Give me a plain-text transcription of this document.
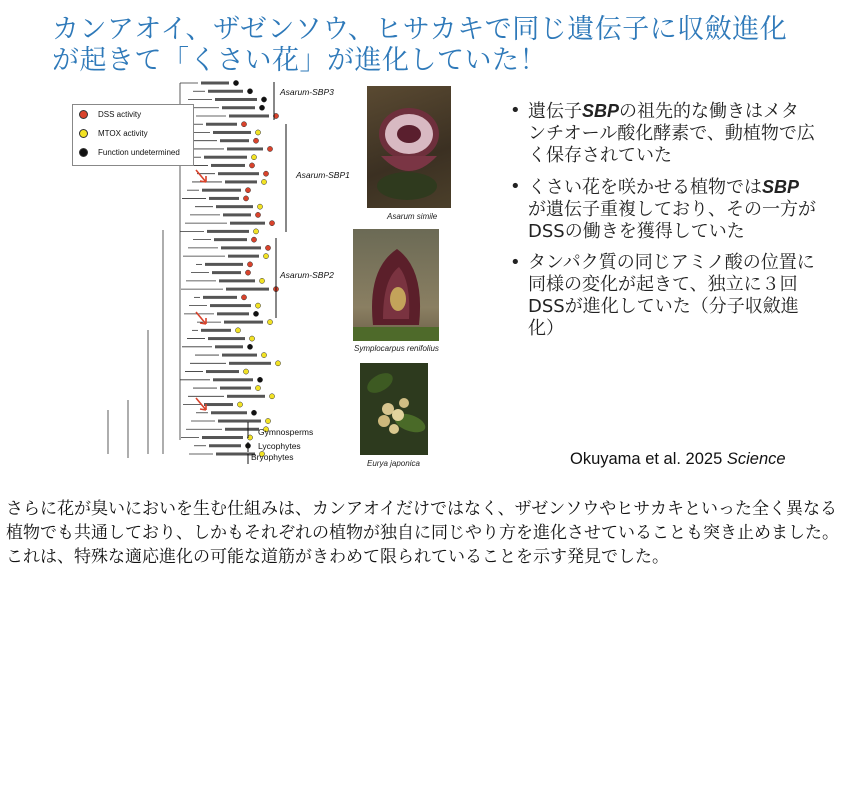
カンアオイ、ザゼンソウ、ヒサカキで同じ遺伝子に収斂進化が起きて「くさい花」が進化していた！
Asarum-SBP3
Asarum-SBP1
Asarum-SBP2
Gymnosperms
Lycophytes
Bryophytes
DSS activity
MTOX activity
Function undetermined
Asarum simile
Symplocarpus renifolius
Eurya japonica
• 遺伝子SBPの祖先的な働きはメタンチオール酸化酵素で、動植物で広く保存されていた
• くさい花を咲かせる植物ではSBPが遺伝子重複しており、その一方がDSSの働きを獲得していた
• タンパク質の同じアミノ酸の位置に同様の変化が起きて、独立に３回DSSが進化していた（分子収斂進化）
Okuyama et al. 2025 Science

さらに花が臭いにおいを生む仕組みは、カンアオイだけではなく、ザゼンソウやヒサカキといった全く異なる植物でも共通しており、しかもそれぞれの植物が独自に同じやり方を進化させていることも突き止めました。これは、特殊な適応進化の可能な道筋がきわめて限られていることを示す発見でした。
